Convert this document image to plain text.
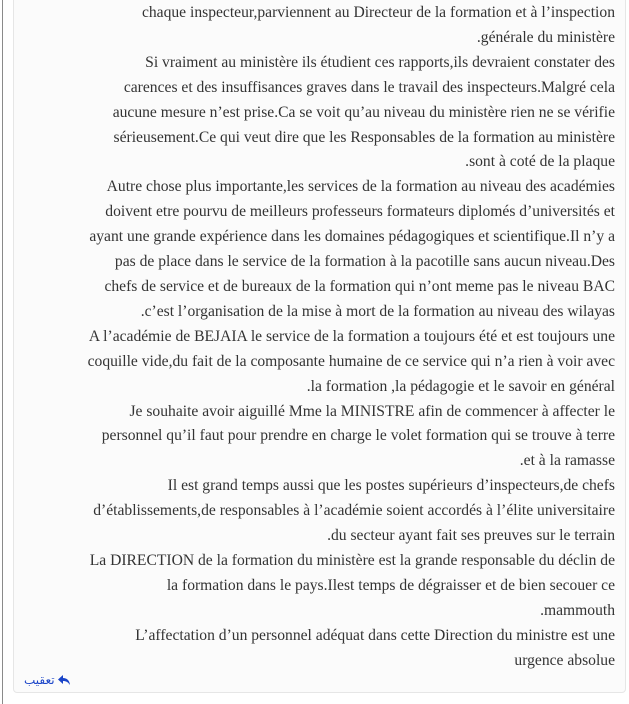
chaque inspecteur,parviennent au Directeur de la formation et à l’inspection

.générale du ministère

Si vraiment au ministère ils étudient ces rapports,ils devraient constater des

carences et des insuffisances graves dans le travail des inspecteurs.Malgré cela

aucune mesure n’est prise.Ca se voit qu’au niveau du ministère rien ne se vérifie

sérieusement.Ce qui veut dire que les Responsables de la formation au ministère

.sont à coté de la plaque

Autre chose plus importante,les services de la formation au niveau des académies

doivent etre pourvu de meilleurs professeurs formateurs diplomés d’universités et

ayant une grande expérience dans les domaines pédagogiques et scientifique.Il n’y a

pas de place dans le service de la formation à la pacotille sans aucun niveau.Des

chefs de service et de bureaux de la formation qui n’ont meme pas le niveau BAC

.c’est l’organisation de la mise à mort de la formation au niveau des wilayas

A l’académie de BEJAIA le service de la formation a toujours été et est toujours une

coquille vide,du fait de la composante humaine de ce service qui n’a rien à voir avec

.la formation ,la pédagogie et le savoir en général

Je souhaite avoir aiguillé Mme la MINISTRE afin de commencer à affecter le

personnel qu’il faut pour prendre en charge le volet formation qui se trouve à terre

.et à la ramasse

Il est grand temps aussi que les postes supérieurs d’inspecteurs,de chefs

d’établissements,de responsables à l’académie soient accordés à l’élite universitaire

.du secteur ayant fait ses preuves sur le terrain

La DIRECTION de la formation du ministère est la grande responsable du déclin de

la formation dans le pays.Ilest temps de dégraisser et de bien secouer ce

.mammouth

L’affectation d’un personnel adéquat dans cette Direction du ministre est une

urgence absolue

تعقيب
